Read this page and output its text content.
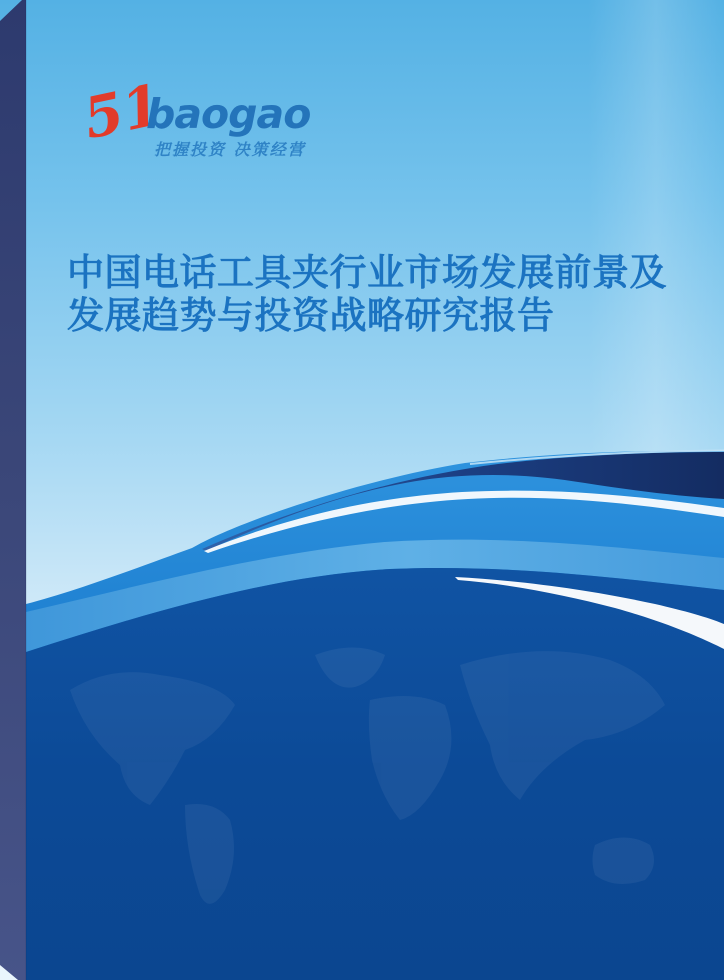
51
baogao
把握投资 决策经营
中国电话工具夹行业市场发展前景及
发展趋势与投资战略研究报告
